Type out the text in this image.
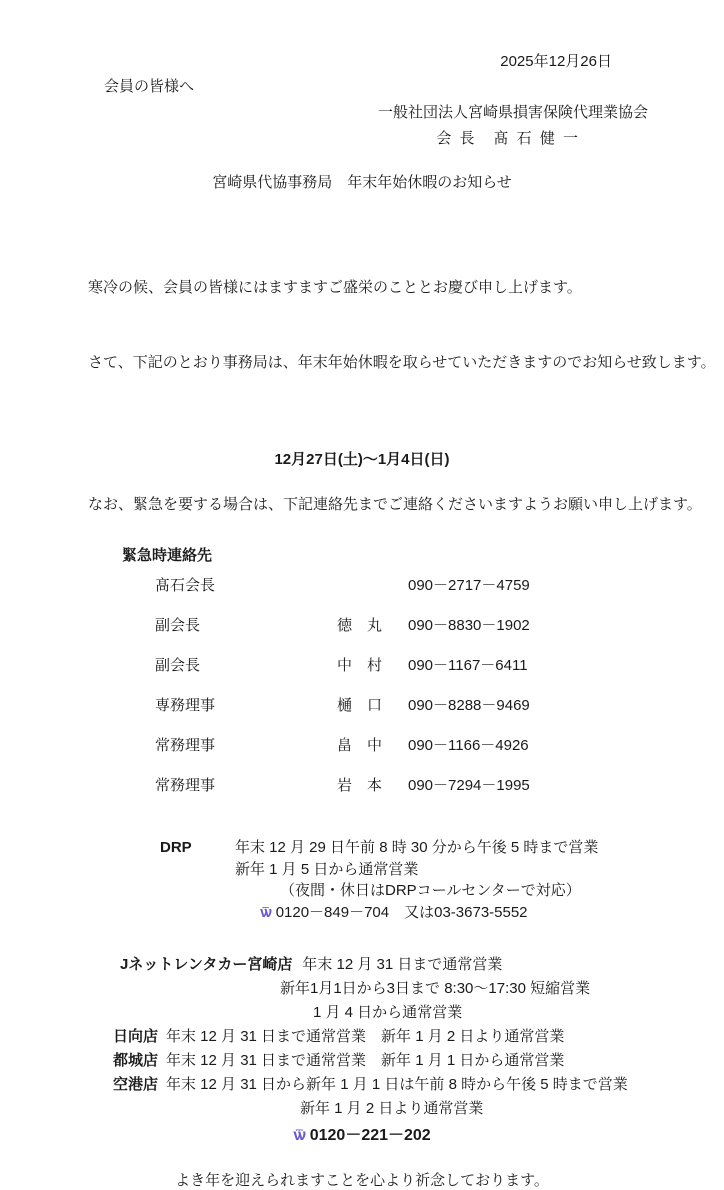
2025年12月26日
会員の皆様へ
一般社団法人宮崎県損害保険代理業協会
会 長　髙 石 健 一
宮崎県代協事務局　年末年始休暇のお知らせ

寒冷の候、会員の皆様にはますますご盛栄のこととお慶び申し上げます。

さて、下記のとおり事務局は、年末年始休暇を取らせていただきますのでお知らせ致します。

12月27日(土)～1月4日(日)
なお、緊急を要する場合は、下記連絡先までご連絡くださいますようお願い申し上げます。
緊急時連絡先
髙石会長	090－2717－4759
副会長	徳　丸	090－8830－1902
副会長	中　村	090－1167－6411
専務理事	樋　口	090－8288－9469
常務理事	畠　中	090－1166－4926
常務理事	岩　本	090－7294－1995
DRP	年末 12 月 29 日午前 8 時 30 分から午後 5 時まで営業
新年 1 月 5 日から通常営業
（夜間・休日はDRPコールセンターで対応）
ѿ 0120－849－704　又は03-3673-5552
Jネットレンタカー宮崎店 年末 12 月 31 日まで通常営業
新年1月1日から3日まで 8:30～17:30 短縮営業
1 月 4 日から通常営業
日向店 年末 12 月 31 日まで通常営業　新年 1 月 2 日より通常営業
都城店 年末 12 月 31 日まで通常営業　新年 1 月 1 日から通常営業
空港店 年末 12 月 31 日から新年 1 月 1 日は午前 8 時から午後 5 時まで営業
新年 1 月 2 日より通常営業
ѿ 0120－221－202
よき年を迎えられますことを心より祈念しております。
